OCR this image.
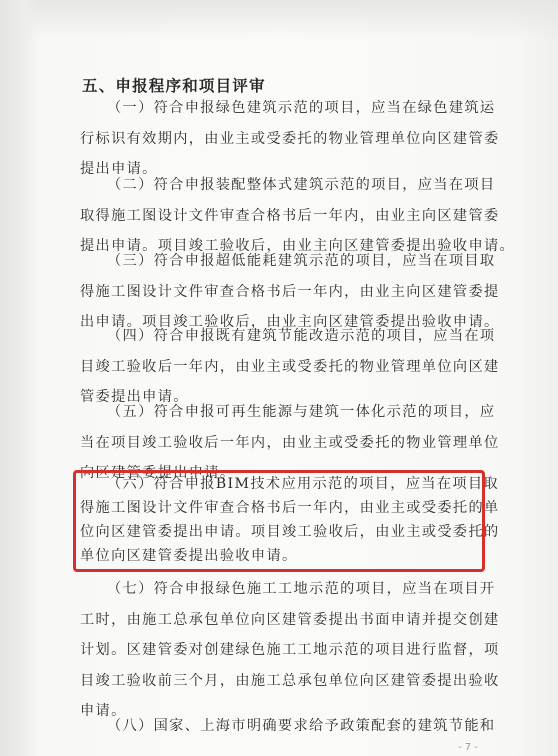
五、申报程序和项目评审
（一）符合申报绿色建筑示范的项目，应当在绿色建筑运
行标识有效期内，由业主或受委托的物业管理单位向区建管委
提出申请。
（二）符合申报装配整体式建筑示范的项目，应当在项目
取得施工图设计文件审查合格书后一年内，由业主向区建管委
提出申请。项目竣工验收后，由业主向区建管委提出验收申请。
（三）符合申报超低能耗建筑示范的项目，应当在项目取
得施工图设计文件审查合格书后一年内，由业主向区建管委提
出申请。项目竣工验收后，由业主向区建管委提出验收申请。
（四）符合申报既有建筑节能改造示范的项目，应当在项
目竣工验收后一年内，由业主或受委托的物业管理单位向区建
管委提出申请。
（五）符合申报可再生能源与建筑一体化示范的项目，应
当在项目竣工验收后一年内，由业主或受委托的物业管理单位
向区建管委提出申请。
（六）符合申报BIM技术应用示范的项目，应当在项目取
得施工图设计文件审查合格书后一年内，由业主或受委托的单
位向区建管委提出申请。项目竣工验收后，由业主或受委托的
单位向区建管委提出验收申请。
（七）符合申报绿色施工工地示范的项目，应当在项目开
工时，由施工总承包单位向区建管委提出书面申请并提交创建
计划。区建管委对创建绿色施工工地示范的项目进行监督，项
目竣工验收前三个月，由施工总承包单位向区建管委提出验收
申请。
（八）国家、上海市明确要求给予政策配套的建筑节能和
- 7 -
